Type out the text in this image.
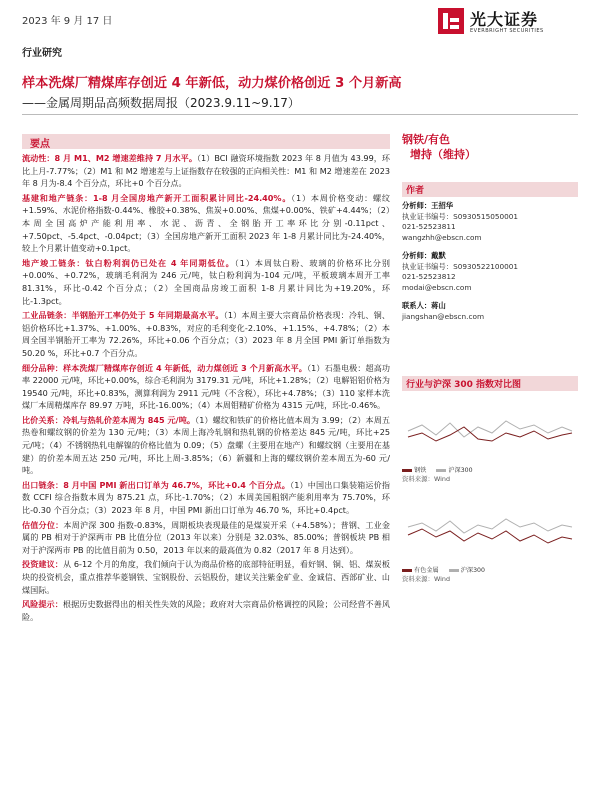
2023 年 9 月 17 日	光大证券
EVERBRIGHT SECURITIES
行业研究
样本洗煤厂精煤库存创近 4 年新低，动力煤价格创近 3 个月新高
——金属周期品高频数据周报（2023.9.11~9.17）
要点

流动性：8 月 M1、M2 增速差维持 7 月水平。（1）BCI 融资环境指数 2023 年 8 月值为 43.99，环比上月-7.77%；（2）M1 和 M2 增速差与上证指数存在较强的正向相关性：M1 和 M2 增速差在 2023 年 8 月为-8.4 个百分点，环比+0 个百分点。

基建和地产链条：1-8 月全国房地产新开工面积累计同比-24.40%。（1）本周价格变动：螺纹+1.59%、水泥价格指数-0.44%、橡胶+0.38%、焦炭+0.00%、焦煤+0.00%、铁矿+4.44%；（2）本周全国高炉产能利用率、水泥、沥青、全钢胎开工率环比分别-0.11pct、+7.50pct、-5.4pct、-0.04pct；（3）全国房地产新开工面积 2023 年 1-8 月累计同比为-24.40%，较上个月累计值变动+0.1pct。

地产竣工链条：钛白粉利润仍已处在 4 年同期低位。（1）本周钛白粉、玻璃的价格环比分别+0.00%、+0.72%，玻璃毛利润为 246 元/吨，钛白粉利润为-104 元/吨，平板玻璃本周开工率 81.31%，环比-0.42 个百分点；（2）全国商品房竣工面积 1-8 月累计同比为+19.20%，环比-1.3pct。

工业品链条：半钢胎开工率仍处于 5 年同期最高水平。（1）本周主要大宗商品价格表现：冷轧、铜、铝价格环比+1.37%、+1.00%、+0.83%，对应的毛利变化-2.10%、+1.15%、+4.78%；（2）本周全国半钢胎开工率为 72.26%，环比+0.06 个百分点；（3）2023 年 8 月全国 PMI 新订单指数为 50.20 %，环比+0.7 个百分点。

细分品种：样本洗煤厂精煤库存创近 4 年新低，动力煤创近 3 个月新高水平。（1）石墨电极：超高功率 22000 元/吨，环比+0.00%，综合毛利润为 3179.31 元/吨，环比+1.28%；（2）电解铝铝价格为 19540 元/吨，环比+0.83%，测算利润为 2911 元/吨（不含税），环比+4.78%；（3）110 家样本洗煤厂本周精煤库存 89.97 万吨，环比-16.00%；（4）本周钼精矿价格为 4315 元/吨，环比-0.46%。

比价关系：冷轧与热轧价差本周为 845 元/吨。（1）螺纹和铁矿的价格比值本周为 3.99；（2）本周五热卷和螺纹钢的价差为 130 元/吨；（3）本周上海冷轧钢和热轧钢的价格差达 845 元/吨，环比+25 元/吨；（4）不锈钢热轧电解镍的价格比值为 0.09；（5）盘螺（主要用在地产）和螺纹钢（主要用在基建）的价差本周五达 250 元/吨，环比上周-3.85%；（6）新疆和上海的螺纹钢价差本周五为-60 元/吨。

出口链条：8 月中国 PMI 新出口订单为 46.7%，环比+0.4 个百分点。（1）中国出口集装箱运价指数 CCFI 综合指数本周为 875.21 点，环比-1.70%；（2）本周美国粗钢产能利用率为 75.70%，环比-0.30 个百分点；（3）2023 年 8 月，中国 PMI 新出口订单为 46.70 %，环比+0.4pct。

估值分位：本周沪深 300 指数-0.83%，周期板块表现最佳的是煤炭开采（+4.58%）；普钢、工业金属的 PB 相对于沪深两市 PB 比值分位（2013 年以来）分别是 32.03%、85.00%；普钢板块 PB 相对于沪深两市 PB 的比值目前为 0.50，2013 年以来的最高值为 0.82（2017 年 8 月达到）。

投资建议：从 6-12 个月的角度，我们倾向于认为商品价格的底部特征明显，看好钢、铜、铝、煤炭板块的投资机会，重点推荐华菱钢铁、宝钢股份、云铝股份，建议关注紫金矿业、金诚信、西部矿业、山煤国际。

风险提示：根据历史数据得出的相关性失效的风险；政府对大宗商品价格调控的风险；公司经营不善风险。

钢铁/有色
增持（维持）
作者
分析师：王招华
执业证书编号：S0930515050001
021-52523811
wangzhh@ebscn.com
分析师：戴默
执业证书编号：S0930522100001
021-52523812
modai@ebscn.com
联系人：蒋山
jiangshan@ebscn.com
行业与沪深 300 指数对比图
钢铁	沪深300
资料来源：Wind
有色金属	沪深300
资料来源：Wind
